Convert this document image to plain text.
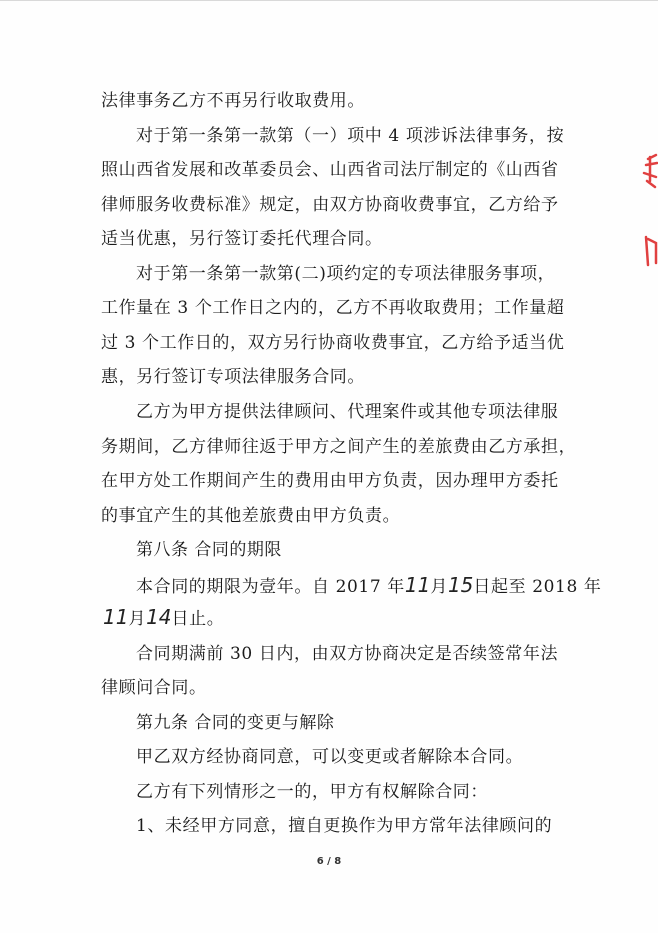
法律事务乙方不再另行收取费用。
对于第一条第一款第（一）项中 4 项涉诉法律事务，按
照山西省发展和改革委员会、山西省司法厅制定的《山西省
律师服务收费标准》规定，由双方协商收费事宜，乙方给予
适当优惠，另行签订委托代理合同。
对于第一条第一款第(二)项约定的专项法律服务事项，
工作量在 3 个工作日之内的，乙方不再收取费用；工作量超
过 3 个工作日的，双方另行协商收费事宜，乙方给予适当优
惠，另行签订专项法律服务合同。
乙方为甲方提供法律顾问、代理案件或其他专项法律服
务期间，乙方律师往返于甲方之间产生的差旅费由乙方承担，
在甲方处工作期间产生的费用由甲方负责，因办理甲方委托
的事宜产生的其他差旅费由甲方负责。
第八条 合同的期限
本合同的期限为壹年。自 2017 年11月15日起至 2018 年
11月14日止。
合同期满前 30 日内，由双方协商决定是否续签常年法
律顾问合同。
第九条 合同的变更与解除
甲乙双方经协商同意，可以变更或者解除本合同。
乙方有下列情形之一的，甲方有权解除合同：
1、未经甲方同意，擅自更换作为甲方常年法律顾问的
6 / 8
